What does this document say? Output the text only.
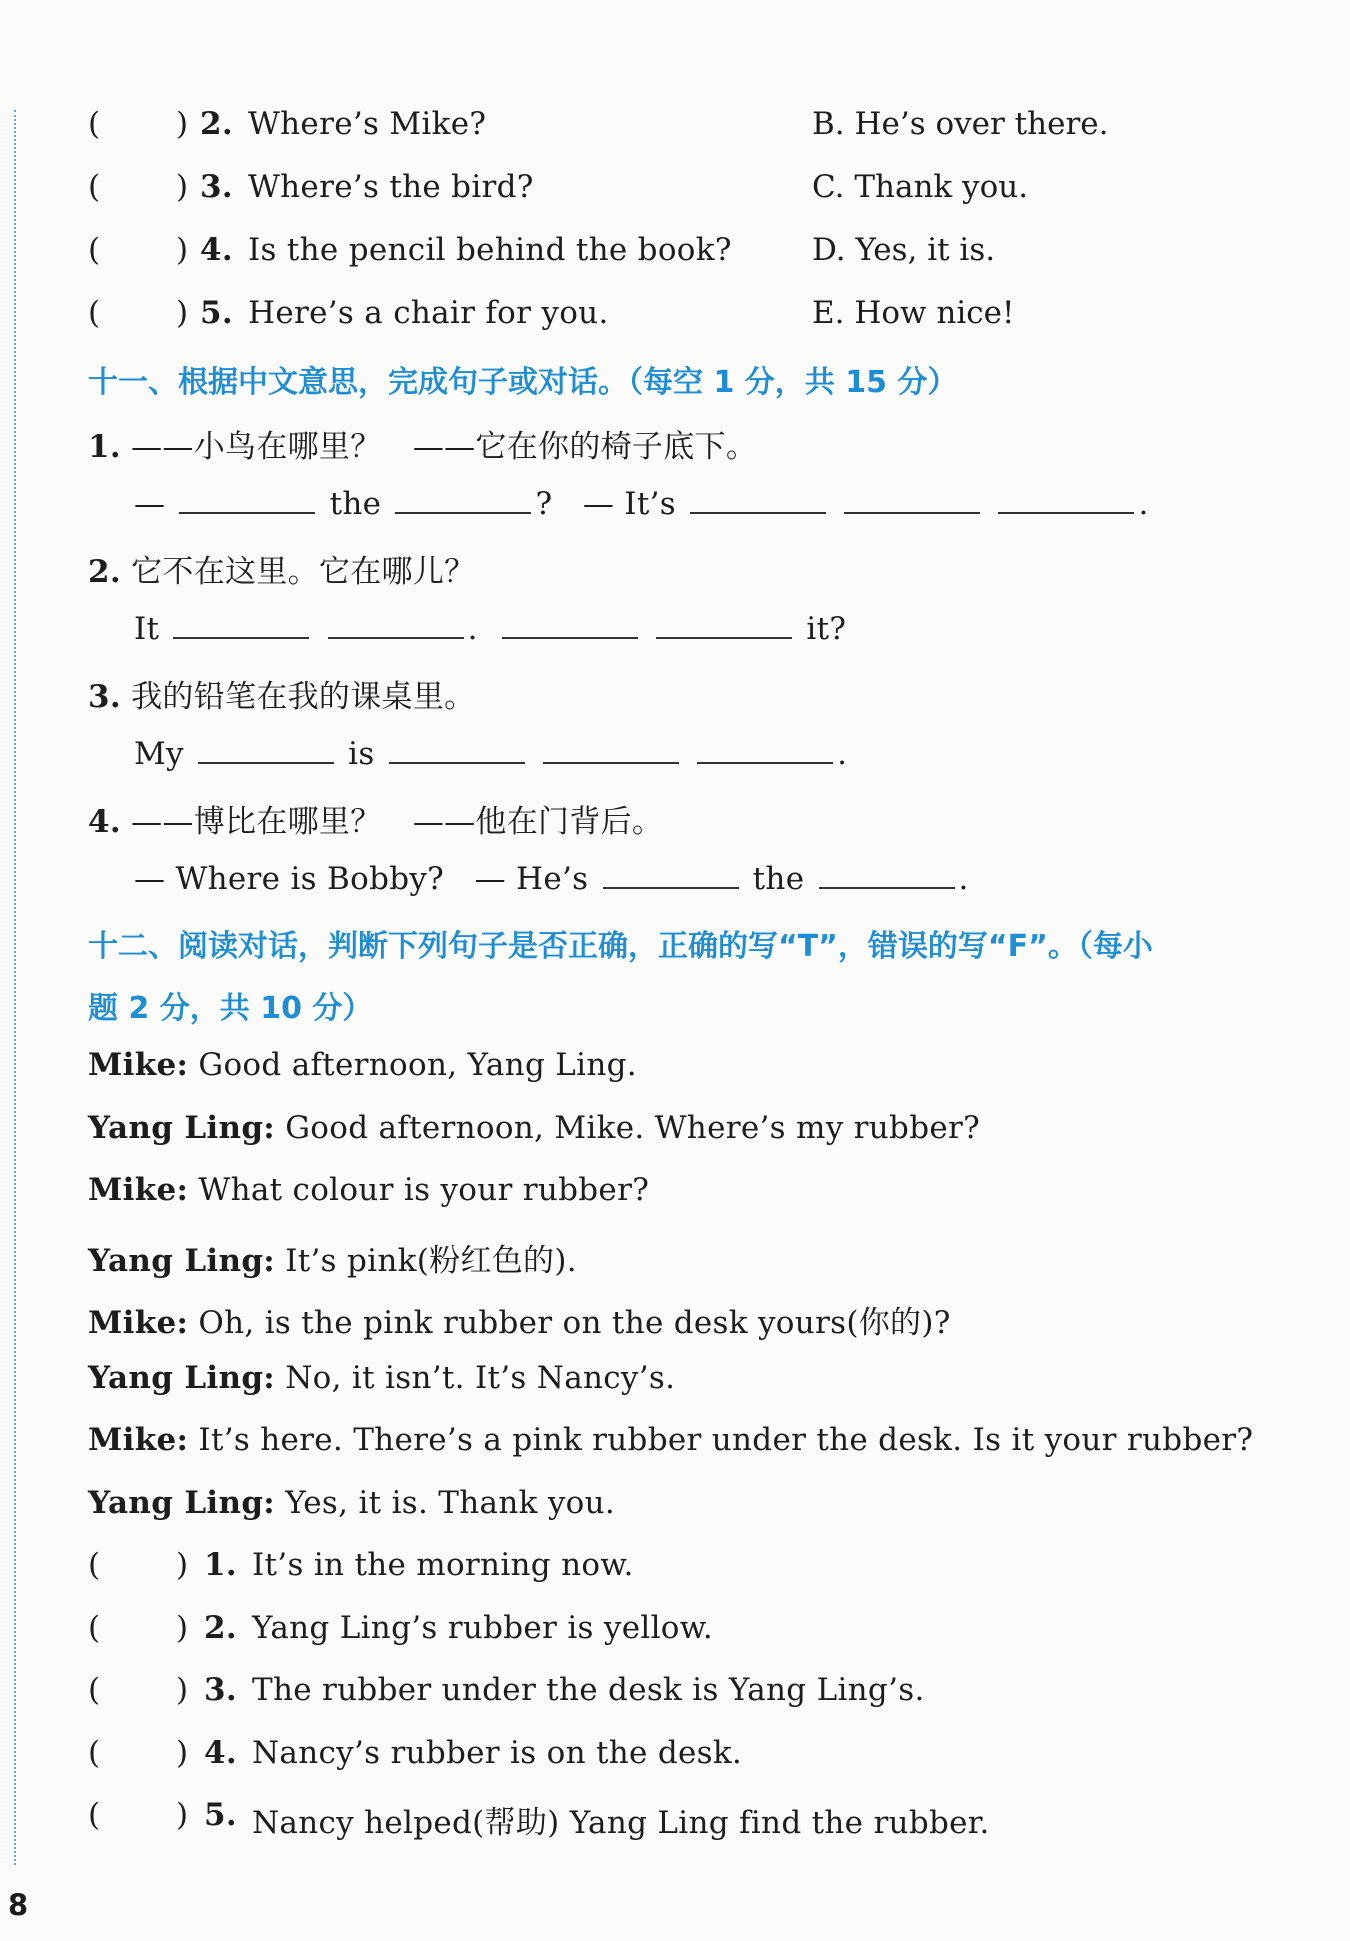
( ) 2. Where’s Mike?	B. He’s over there.
( ) 3. Where’s the bird?	C. Thank you.
( ) 4. Is the pencil behind the book?	D. Yes, it is.
( ) 5. Here’s a chair for you.	E. How nice!
十一、根据中文意思，完成句子或对话。（每空 1 分，共 15 分）
1. ——小鸟在哪里？　——它在你的椅子底下。
—	the	? — It’s	.
2. 它不在这里。它在哪儿？
It	.	it?
3. 我的铅笔在我的课桌里。
My	is	.
4. ——博比在哪里？　——他在门背后。
— Where is Bobby? — He’s	the	.
十二、阅读对话，判断下列句子是否正确，正确的写“T”，错误的写“F”。（每小
题 2 分，共 10 分）
Mike: Good afternoon, Yang Ling.
Yang Ling: Good afternoon, Mike. Where’s my rubber?
Mike: What colour is your rubber?
Yang Ling: It’s pink(粉红色的).
Mike: Oh, is the pink rubber on the desk yours(你的)?
Yang Ling: No, it isn’t. It’s Nancy’s.
Mike: It’s here. There’s a pink rubber under the desk. Is it your rubber?
Yang Ling: Yes, it is. Thank you.
( ) 1. It’s in the morning now.
( ) 2. Yang Ling’s rubber is yellow.
( ) 3. The rubber under the desk is Yang Ling’s.
( ) 4. Nancy’s rubber is on the desk.
( ) 5. Nancy helped(帮助) Yang Ling find the rubber.
8
